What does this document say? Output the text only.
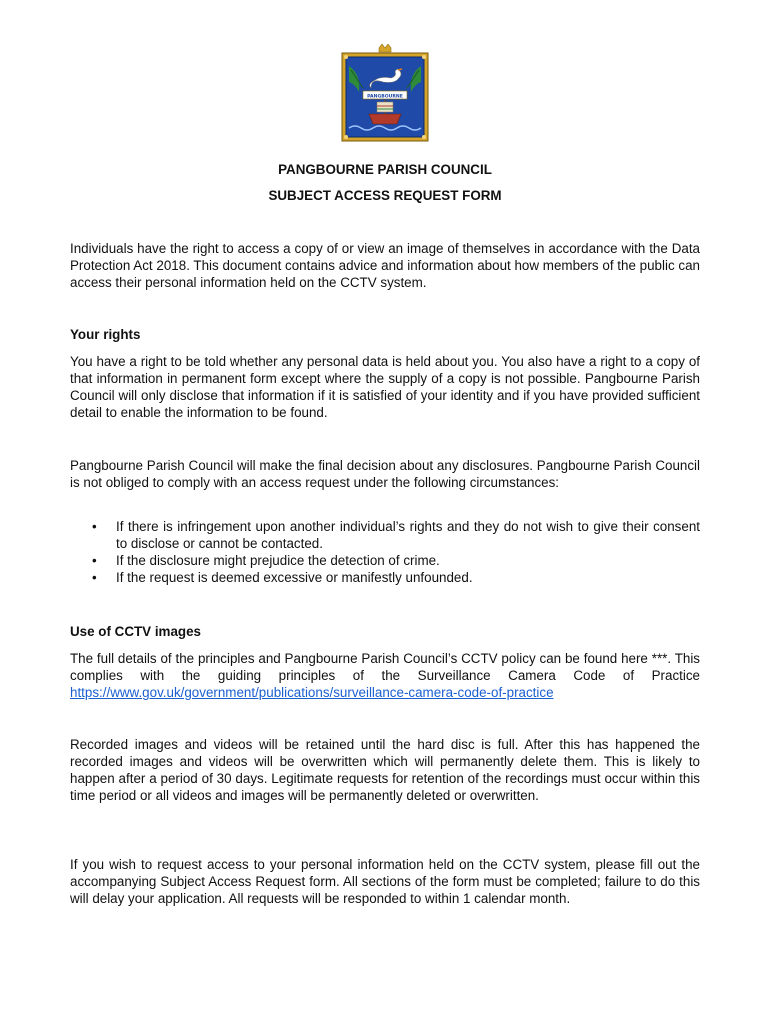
PANGBOURNE
PANGBOURNE PARISH COUNCIL
SUBJECT ACCESS REQUEST FORM

Individuals have the right to access a copy of or view an image of themselves in accordance with the Data Protection Act 2018. This document contains advice and information about how members of the public can access their personal information held on the CCTV system.

Your rights

You have a right to be told whether any personal data is held about you. You also have a right to a copy of that information in permanent form except where the supply of a copy is not possible. Pangbourne Parish Council will only disclose that information if it is satisfied of your identity and if you have provided sufficient detail to enable the information to be found.

Pangbourne Parish Council will make the final decision about any disclosures. Pangbourne Parish Council is not obliged to comply with an access request under the following circumstances:

• If there is infringement upon another individual’s rights and they do not wish to give their consent to disclose or cannot be contacted.
• If the disclosure might prejudice the detection of crime.
• If the request is deemed excessive or manifestly unfounded.
Use of CCTV images

The full details of the principles and Pangbourne Parish Council’s CCTV policy can be found here ***. This complies with the guiding principles of the Surveillance Camera Code of Practice https://www.gov.uk/government/publications/surveillance-camera-code-of-practice

Recorded images and videos will be retained until the hard disc is full. After this has happened the recorded images and videos will be overwritten which will permanently delete them. This is likely to happen after a period of 30 days. Legitimate requests for retention of the recordings must occur within this time period or all videos and images will be permanently deleted or overwritten.

If you wish to request access to your personal information held on the CCTV system, please fill out the accompanying Subject Access Request form. All sections of the form must be completed; failure to do this will delay your application. All requests will be responded to within 1 calendar month.
